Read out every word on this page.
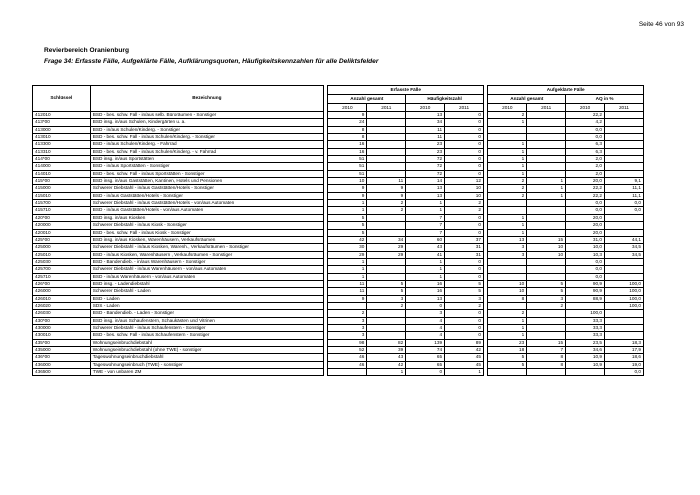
Seite 46 von 93
Revierbereich Oranienburg
Frage 34: Erfasste Fälle, Aufgeklärte Fälle, Aufklärungsquoten, Häufigkeitskennzahlen für alle Deliktsfelder
Schlüssel	Bezeichnung		Erfasste Fälle					Aufgeklärte Fälle			
			Anzahl gesamt		Häufigkeitszahl			Anzahl gesamt		AQ in %	
			2010	2011	2010	2011		2010	2011	2010	2011
412010	BSD - bes. schw. Fall - in/aus selb. Büroräumen - Sonstiger		9		13	0		2		22,2	
413*00	BSD insg. in/aus Schulen, Kindergärten u. a.		24		34	0		1		4,2	
413000	BSD - in/aus Schulen/Kinderg. - Sonstiger		8		11	0				0,0	
413010	BSD - bes. schw. Fall - in/aus Schulen/Kinderg. - Sonstiger		8		11	0				0,0	
413300	BSD - in/aus Schulen/Kinderg. - Fahrrad		16		23	0		1		6,3	
413310	BSD - bes. schw. Fall - in/aus Schulen/Kinderg. - v. Fahrrad		16		23	0		1		6,3	
414*00	BSD insg. in/aus Sportstätten		51		72	0		1		2,0	
414000	BSD - in/aus Sportstätten - Sonstiger		51		72	0		1		2,0	
414010	BSD - bes. schw. Fall - in/aus Sportstätten - Sonstiger		51		72	0		1		2,0	
415*00	BSD insg. in/aus Gaststätten, Kantinen, Hotels und Pensionen		10	11	14	12		2	1	20,0	9,1
415000	Schwerer Diebstahl - in/aus Gaststätten/Hotels - Sonstiger		9	9	13	10		2	1	22,2	11,1
415010	BSD - in/aus Gaststätten/Hotels - Sonstiger		9	9	13	10		2	1	22,2	11,1
415700	Schwerer Diebstahl - in/aus Gaststätten/Hotels - von/aus Automaten		1	2	1	2				0,0	0,0
415710	BSD - in/aus Gaststätten/Hotels - von/aus Automaten		1	2	1	2				0,0	0,0
420*00	BSD insg. in/aus Kiosken		5		7	0		1		20,0	
420000	Schwerer Diebstahl - in/aus Kiosk - Sonstiger		5		7	0		1		20,0	
420010	BSD - bes. schw. Fall - in/aus Kiosk - Sonstiger		5		7	0		1		20,0	
425*00	BSD insg. in/aus Kiosken, Warenhäusern, Verkaufsräumen		42	34	60	37		13	15	31,0	44,1
425000	Schwerer Diebstahl - in/aus Kiosken, Warenh., Verkaufsräumen - Sonstiger		30	29	43	31		3	10	10,0	34,5
425010	BSD - in/aus Kiosken, Warenhäusern , Verkaufsräumen - Sonstiger		29	29	41	31		3	10	10,3	34,5
425030	BSD - Bandendieb. - in/aus Warenhäusern - Sonstiger		1		1	0				0,0	
425700	Schwerer Diebstahl - in/aus Warenhäusern - von/aus Automaten		1		1	0				0,0	
425710	BSD - in/aus Warenhäusern - von/aus Automaten		1		1	0				0,0	
426*00	BSD insg. - Ladendiebstahl		11	5	16	5		10	5	90,9	100,0
426000	Schwerer Diebstahl - Laden		11	5	16	5		10	5	90,9	100,0
426010	BSD - Laden		9	3	13	3		8	3	88,9	100,0
426020	SDS - Laden			2	0	2			2		100,0
426030	BSD - Bandendieb. - Laden - Sonstiger		2		3	0		2		100,0	
430*00	BSD insg. in/aus Schaufenstern, Schaukästen und Vitrinen		3		4	0		1		33,3	
430000	Schwerer Diebstahl - in/aus Schaufenstern - Sonstiger		3		4	0		1		33,3	
430010	BSD - bes. schw. Fall - in/aus Schaufenstern - Sonstiger		3		4	0		1		33,3	
435*00	Wohnungseinbruchdiebstahl		98	82	139	89		23	15	23,5	18,3
435000	Wohnungseinbruchdiebstahl (ohne TWE) - sonstiger		52	39	74	42		18	7	34,6	17,9
436*00	Tageswohnungseinbruchdiebstahl		46	43	65	45		5	8	10,9	18,6
436000	Tageswohnungseinbruch (TWE) - sonstiger		46	42	65	45		5	8	10,9	19,0
436500	TWE - von unbaren ZM			1	0	1					0,0
